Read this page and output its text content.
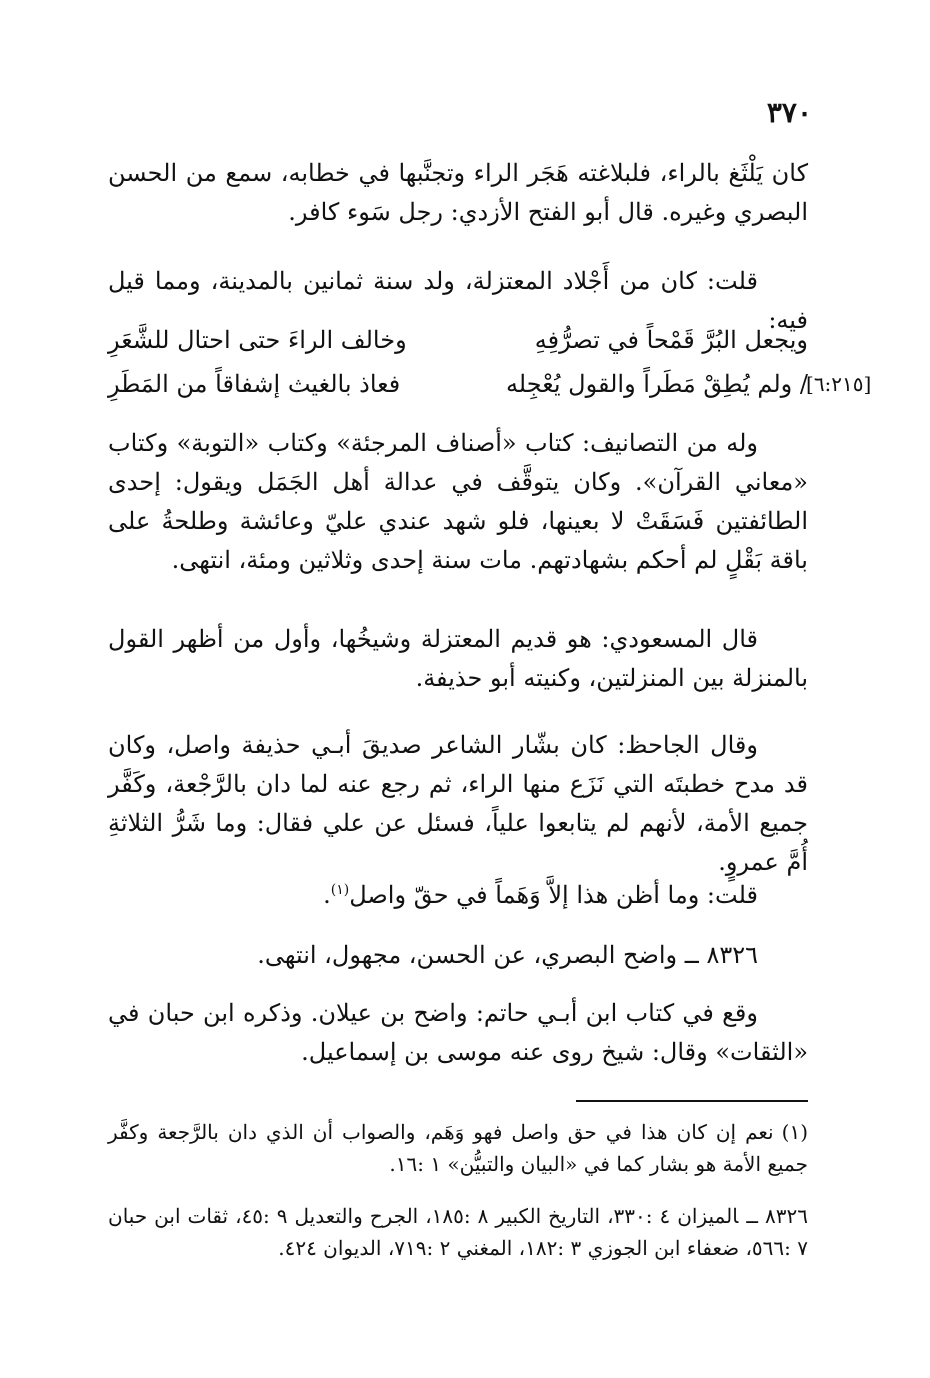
٣٧٠

كان يَلْثَغ بالراء، فلبلاغته هَجَر الراء وتجنَّبها في خطابه، سمع من الحسن البصري وغيره. قال أبو الفتح الأزدي: رجل سَوء كافر.

قلت: كان من أَجْلاد المعتزلة، ولد سنة ثمانين بالمدينة، ومما قيل فيه:

ويجعل البُرَّ قَمْحاً في تصرُّفِهِ
وخالف الراءَ حتى احتال للشَّعَرِ
/ ولم يُطِقْ مَطَراً والقول يُعْجِله
فعاذ بالغيث إشفاقاً من المَطَرِ	[٦:٢١٥]

وله من التصانيف: كتاب «أصناف المرجئة» وكتاب «التوبة» وكتاب «معاني القرآن». وكان يتوقَّف في عدالة أهل الجَمَل ويقول: إحدى الطائفتين فَسَقَتْ لا بعينها، فلو شهد عندي عليّ وعائشة وطلحةُ على باقة بَقْلٍ لم أحكم بشهادتهم. مات سنة إحدى وثلاثين ومئة، انتهى.

قال المسعودي: هو قديم المعتزلة وشيخُها، وأول من أظهر القول بالمنزلة بين المنزلتين، وكنيته أبو حذيفة.

وقال الجاحظ: كان بشّار الشاعر صديقَ أبـي حذيفة واصل، وكان قد مدح خطبتَه التي نَزَع منها الراء، ثم رجع عنه لما دان بالرَّجْعة، وكَفَّر جميع الأمة، لأنهم لم يتابعوا علياً، فسئل عن علي فقال: وما شَرُّ الثلاثةِ أُمَّ عمروٍ.

قلت: وما أظن هذا إلاَّ وَهَماً في حقّ واصل$^{(١)}$.

٨٣٢٦ ــ واضح البصري، عن الحسن، مجهول، انتهى.

وقع في كتاب ابن أبـي حاتم: واضح بن عيلان. وذكره ابن حبان في «الثقات» وقال: شيخ روى عنه موسى بن إسماعيل.

(١)نعم إن كان هذا في حق واصل فهو وَهَم، والصواب أن الذي دان بالرَّجعة وكفَّر جميع الأمة هو بشار كما في «البيان والتبيُّن» ١ :١٦.

٨٣٢٦ ــالميزان ٤ :٣٣٠، التاريخ الكبير ٨ :١٨٥، الجرح والتعديل ٩ :٤٥، ثقات ابن حبان ٧ :٥٦٦، ضعفاء ابن الجوزي ٣ :١٨٢، المغني ٢ :٧١٩، الديوان ٤٢٤.
